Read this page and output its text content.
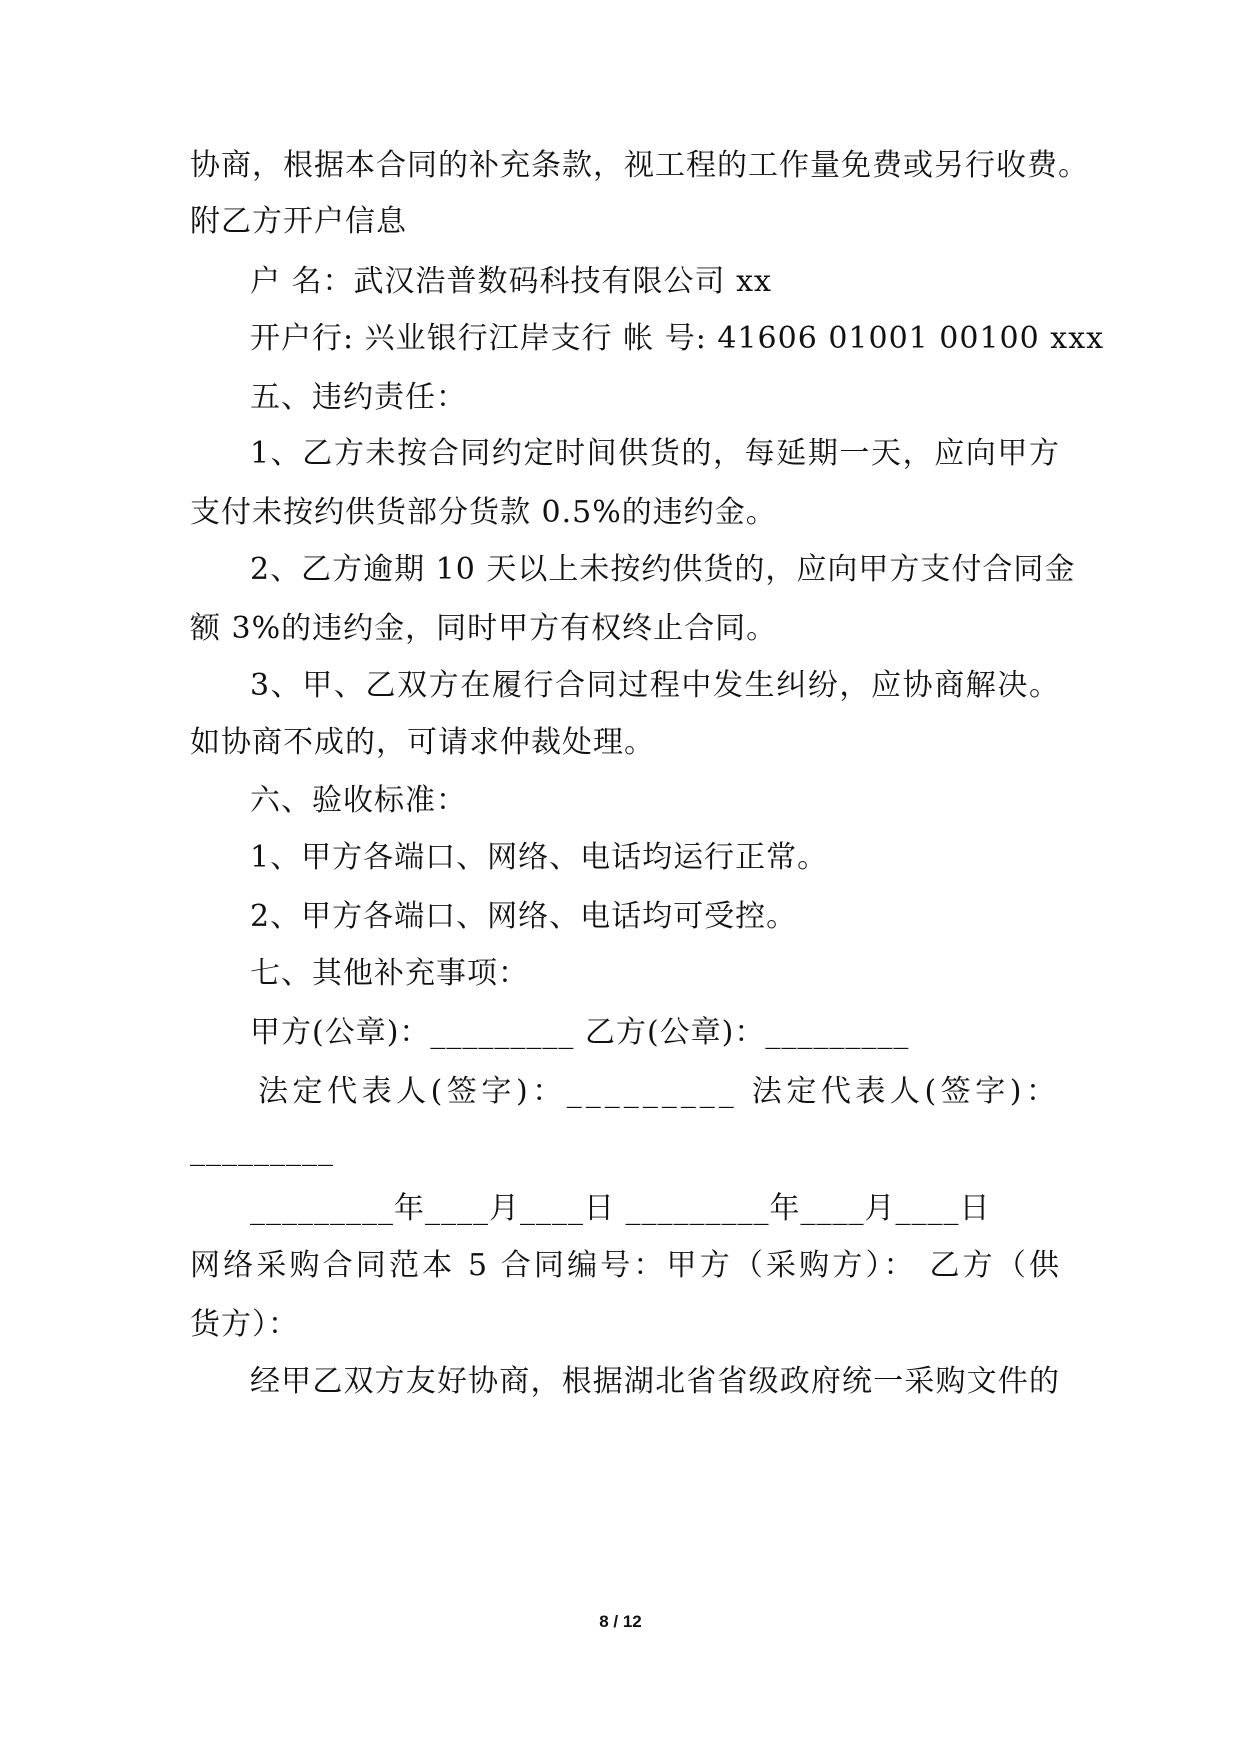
协商，根据本合同的补充条款，视工程的工作量免费或另行收费。
附乙方开户信息
户 名：武汉浩普数码科技有限公司 xx
开户行: 兴业银行江岸支行 帐 号: 41606 01001 00100 xxx
五、违约责任：
1、乙方未按合同约定时间供货的，每延期一天，应向甲方
支付未按约供货部分货款 0.5%的违约金。
2、乙方逾期 10 天以上未按约供货的，应向甲方支付合同金
额 3%的违约金，同时甲方有权终止合同。
3、甲、乙双方在履行合同过程中发生纠纷，应协商解决。
如协商不成的，可请求仲裁处理。
六、验收标准：
1、甲方各端口、网络、电话均运行正常。
2、甲方各端口、网络、电话均可受控。
七、其他补充事项：
甲方(公章)：_________ 乙方(公章)：_________
法定代表人(签字)：_________ 法定代表人(签字)：
_________
_________年____月____日 _________年____月____日
网络采购合同范本 5 合同编号：甲方（采购方）： 乙方（供
货方）：
经甲乙双方友好协商，根据湖北省省级政府统一采购文件的
8 / 12
